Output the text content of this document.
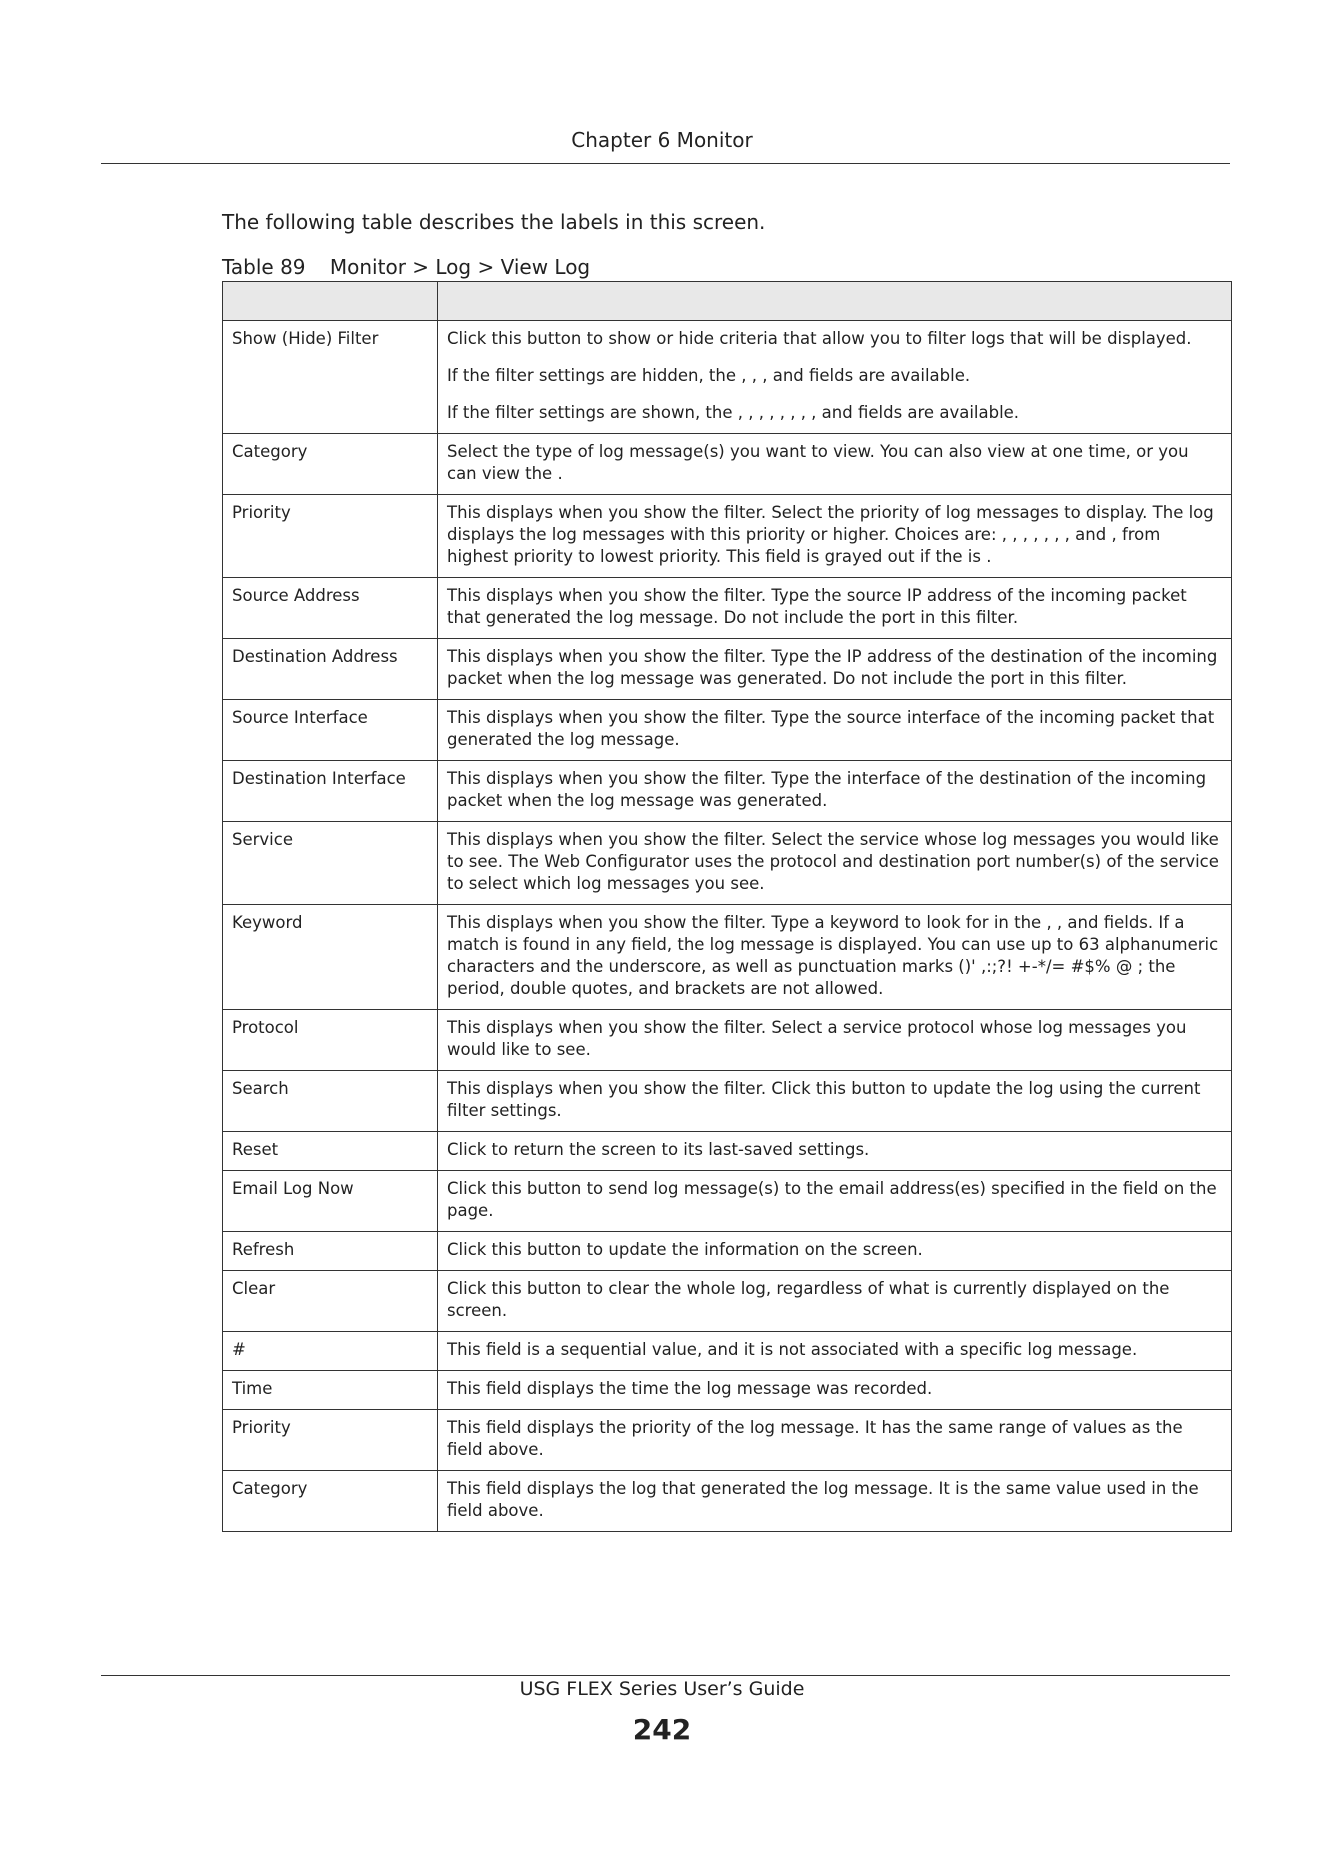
Chapter 6 Monitor
The following table describes the labels in this screen.
Table 89 Monitor > Log > View Log

Show (Hide) Filter	Click this button to show or hide criteria that allow you to filter logs that will be displayed.

If the filter settings are hidden, the , , , and fields are available.

If the filter settings are shown, the , , , , , , , , and fields are available.

Category	Select the type of log message(s) you want to view. You can also view at one time, or you can view the .

Priority	This displays when you show the filter. Select the priority of log messages to display. The log displays the log messages with this priority or higher. Choices are: , , , , , , , and , from highest priority to lowest priority. This field is grayed out if the is .

Source Address	This displays when you show the filter. Type the source IP address of the incoming packet that generated the log message. Do not include the port in this filter.

Destination Address	This displays when you show the filter. Type the IP address of the destination of the incoming packet when the log message was generated. Do not include the port in this filter.

Source Interface	This displays when you show the filter. Type the source interface of the incoming packet that generated the log message.

Destination Interface	This displays when you show the filter. Type the interface of the destination of the incoming packet when the log message was generated.

Service	This displays when you show the filter. Select the service whose log messages you would like to see. The Web Configurator uses the protocol and destination port number(s) of the service to select which log messages you see.

Keyword	This displays when you show the filter. Type a keyword to look for in the , , and fields. If a match is found in any field, the log message is displayed. You can use up to 63 alphanumeric characters and the underscore, as well as punctuation marks ()' ,:;?! +-*/= #$% @ ; the period, double quotes, and brackets are not allowed.

Protocol	This displays when you show the filter. Select a service protocol whose log messages you would like to see.

Search	This displays when you show the filter. Click this button to update the log using the current filter settings.

Reset	Click to return the screen to its last-saved settings.

Email Log Now	Click this button to send log message(s) to the email address(es) specified in the field on the page.

Refresh	Click this button to update the information on the screen.

Clear	Click this button to clear the whole log, regardless of what is currently displayed on the screen.

#	This field is a sequential value, and it is not associated with a specific log message.

Time	This field displays the time the log message was recorded.

Priority	This field displays the priority of the log message. It has the same range of values as the field above.

Category	This field displays the log that generated the log message. It is the same value used in the field above.

USG FLEX Series User’s Guide
242
